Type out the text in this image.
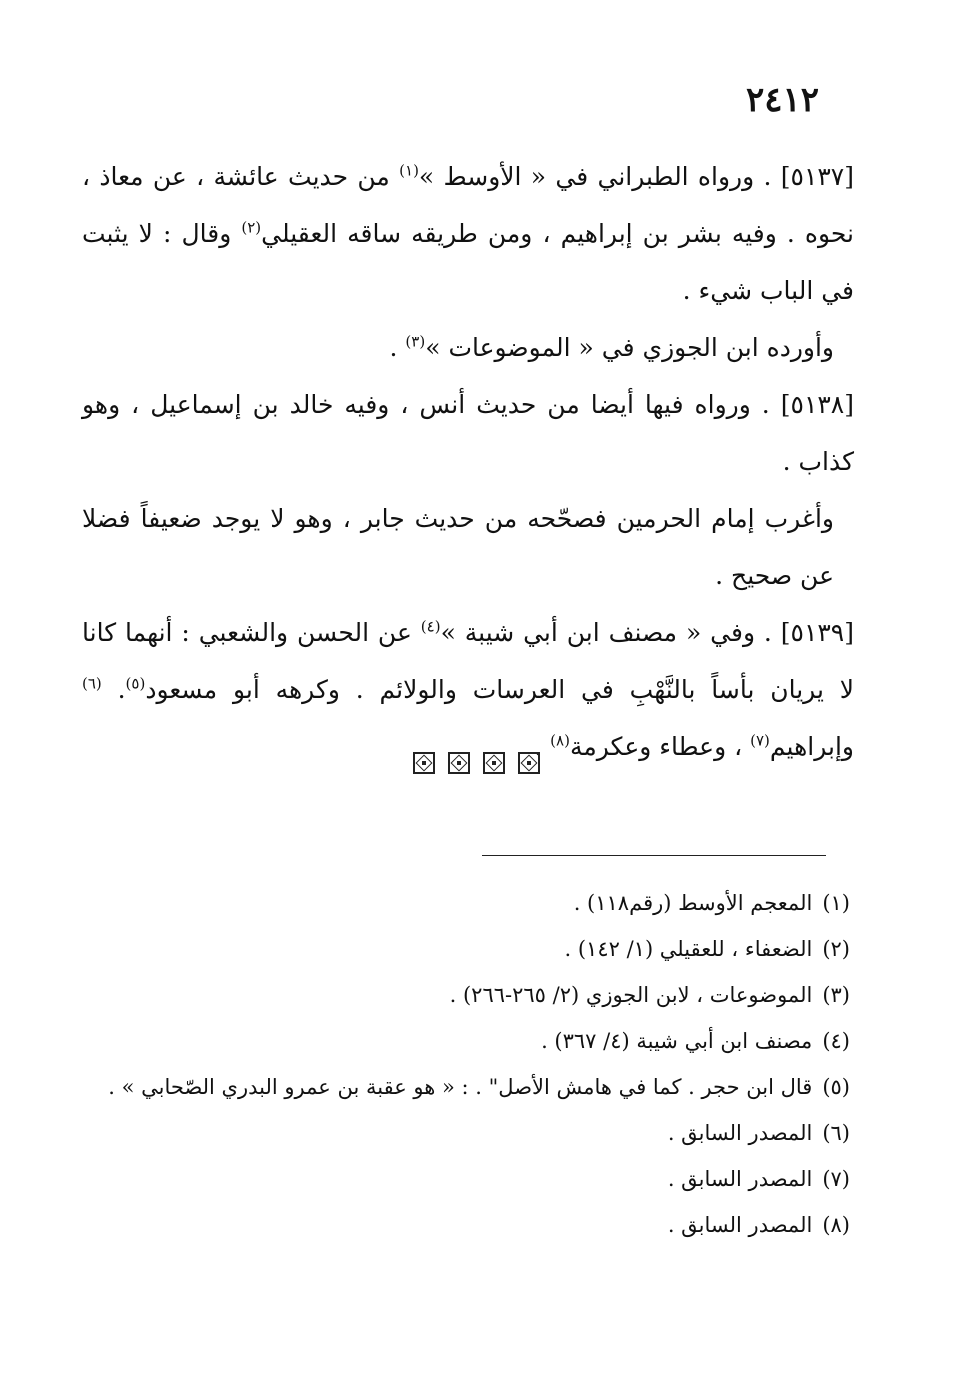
٢٤١٢

[٥١٣٧] . ورواه الطبراني في « الأوسط »$^{(١)}$ من حديث عائشة ، عن معاذ ، نحوه . وفيه بشر بن إبراهيم ، ومن طريقه ساقه العقيلي$^{(٢)}$ وقال : لا يثبت في الباب شيء .

وأورده ابن الجوزي في « الموضوعات »$^{(٣)}$ .

[٥١٣٨] . ورواه فيها أيضا من حديث أنس ، وفيه خالد بن إسماعيل ، وهو كذاب .

وأغرب إمام الحرمين فصحّحه من حديث جابر ، وهو لا يوجد ضعيفاً فضلا عن صحيح .

[٥١٣٩] . وفي « مصنف ابن أبي شيبة »$^{(٤)}$ عن الحسن والشعبي : أنهما كانا لا يريان بأساً بالنَّهْبِ في العرسات والولائم . وكرهه أبو مسعود$^{(٥)}$. $^{(٦)}$ وإبراهيم$^{(٧)}$ ، وعطاء وعكرمة$^{(٨)}$ .

(١)المعجم الأوسط (رقم١١٨) .
(٢)الضعفاء ، للعقيلي (١/ ١٤٢) .
(٣)الموضوعات ، لابن الجوزي (٢/ ٢٦٥-٢٦٦) .
(٤)مصنف ابن أبي شيبة (٤/ ٣٦٧) .
(٥)قال ابن حجر . كما في هامش الأصل" . : « هو عقبة بن عمرو البدري الصّحابي » .
(٦)المصدر السابق .
(٧)المصدر السابق .
(٨)المصدر السابق .
